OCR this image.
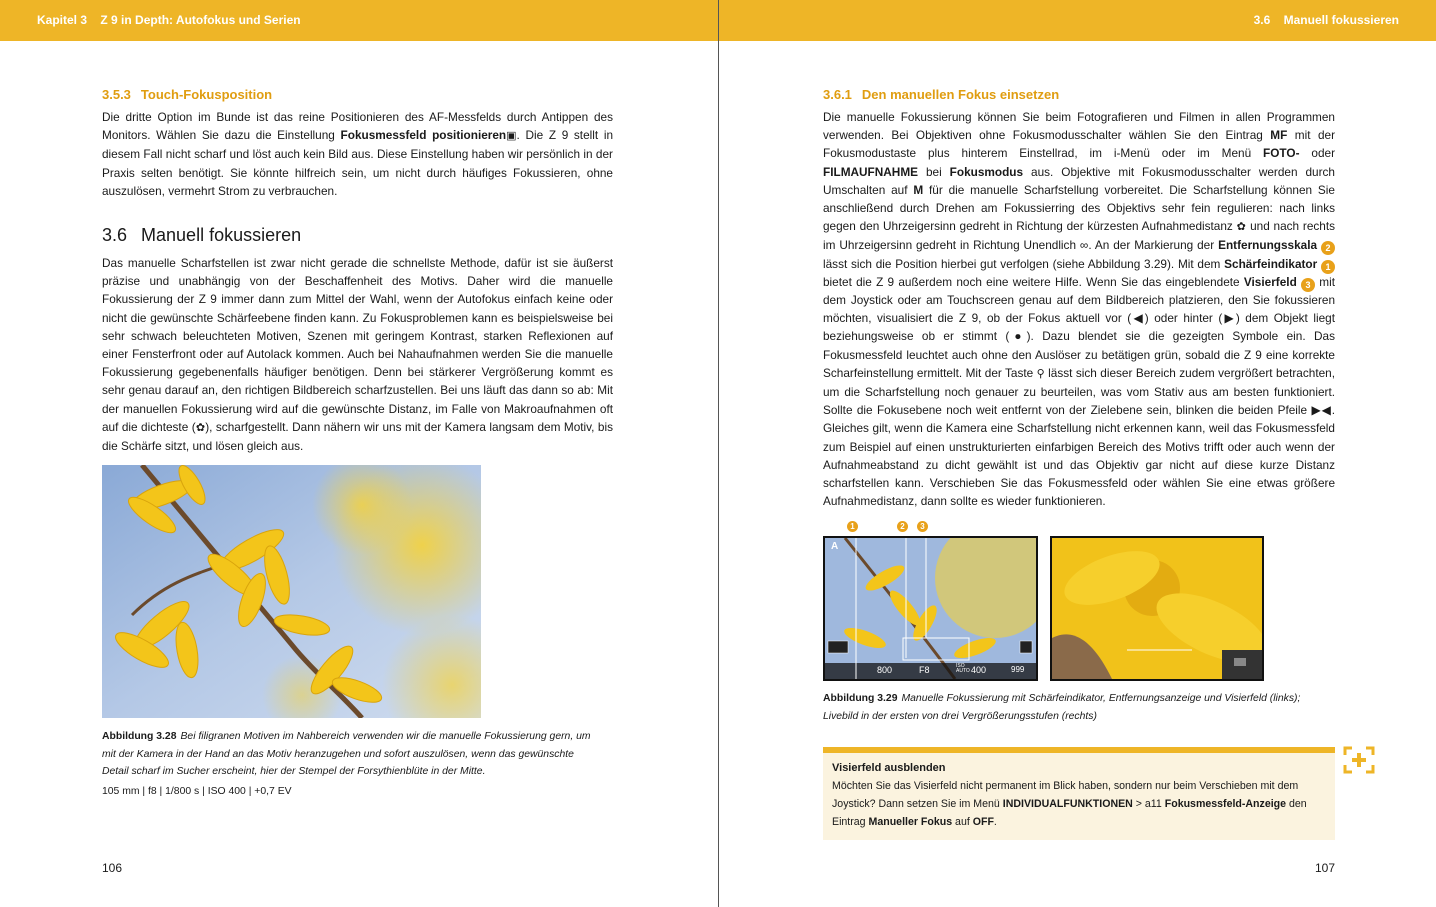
Kapitel 3 Z 9 in Depth: Autofokus und Serien
3.5.3 Touch-Fokusposition

Die dritte Option im Bunde ist das reine Positionieren des AF-Messfelds durch Antippen des Monitors. Wählen Sie dazu die Einstellung Fokusmessfeld positionieren▣. Die Z 9 stellt in diesem Fall nicht scharf und löst auch kein Bild aus. Diese Einstellung haben wir persönlich in der Praxis selten benötigt. Sie könnte hilfreich sein, um nicht durch häufiges Fokussieren, ohne auszulösen, vermehrt Strom zu verbrauchen.

3.6 Manuell fokussieren

Das manuelle Scharfstellen ist zwar nicht gerade die schnellste Methode, dafür ist sie äußerst präzise und unabhängig von der Beschaffenheit des Motivs. Daher wird die manuelle Fokussierung der Z 9 immer dann zum Mittel der Wahl, wenn der Autofokus einfach keine oder nicht die gewünschte Schärfeebene finden kann. Zu Fokusproblemen kann es beispielsweise bei sehr schwach beleuchteten Motiven, Szenen mit geringem Kontrast, starken Reflexionen auf einer Fensterfront oder auf Autolack kommen. Auch bei Nahaufnahmen werden Sie die manuelle Fokussierung gegebenenfalls häufiger benötigen. Denn bei stärkerer Vergrößerung kommt es sehr genau darauf an, den richtigen Bildbereich scharfzustellen. Bei uns läuft das dann so ab: Mit der manuellen Fokussierung wird auf die gewünschte Distanz, im Falle von Makroaufnahmen oft auf die dichteste (✿), scharfgestellt. Dann nähern wir uns mit der Kamera langsam dem Motiv, bis die Schärfe sitzt, und lösen gleich aus.

Abbildung 3.28 Bei filigranen Motiven im Nahbereich verwenden wir die manuelle Fokussierung gern, um mit der Kamera in der Hand an das Motiv heranzugehen und sofort auszulösen, wenn das gewünschte Detail scharf im Sucher erscheint, hier der Stempel der Forsythienblüte in der Mitte.
105 mm | f8 | 1/800 s | ISO 400 | +0,7 EV
106
3.6 Manuell fokussieren
3.6.1 Den manuellen Fokus einsetzen

Die manuelle Fokussierung können Sie beim Fotografieren und Filmen in allen Programmen verwenden. Bei Objektiven ohne Fokusmodusschalter wählen Sie den Eintrag MF mit der Fokusmodustaste plus hinterem Einstellrad, im i-Menü oder im Menü FOTO- oder FILMAUFNAHME bei Fokusmodus aus. Objektive mit Fokusmodusschalter werden durch Umschalten auf M für die manuelle Scharfstellung vorbereitet. Die Scharfstellung können Sie anschließend durch Drehen am Fokussierring des Objektivs sehr fein regulieren: nach links gegen den Uhrzeigersinn gedreht in Richtung der kürzesten Aufnahmedistanz ✿ und nach rechts im Uhrzeigersinn gedreht in Richtung Unendlich ∞. An der Markierung der Entfernungsskala 2 lässt sich die Position hierbei gut verfolgen (siehe Abbildung 3.29). Mit dem Schärfeindikator 1 bietet die Z 9 außerdem noch eine weitere Hilfe. Wenn Sie das eingeblendete Visierfeld 3 mit dem Joystick oder am Touchscreen genau auf dem Bildbereich platzieren, den Sie fokussieren möchten, visualisiert die Z 9, ob der Fokus aktuell vor (◀) oder hinter (▶) dem Objekt liegt beziehungsweise ob er stimmt (●). Dazu blendet sie die gezeigten Symbole ein. Das Fokusmessfeld leuchtet auch ohne den Auslöser zu betätigen grün, sobald die Z 9 eine korrekte Scharfeinstellung ermittelt. Mit der Taste ⚲ lässt sich dieser Bereich zudem vergrößert betrachten, um die Scharfstellung noch genauer zu beurteilen, was vom Stativ aus am besten funktioniert. Sollte die Fokusebene noch weit entfernt von der Zielebene sein, blinken die beiden Pfeile ▶◀. Gleiches gilt, wenn die Kamera eine Scharfstellung nicht erkennen kann, weil das Fokusmessfeld zum Beispiel auf einen unstrukturierten einfarbigen Bereich des Motivs trifft oder auch wenn der Aufnahmeabstand zu dicht gewählt ist und das Objektiv gar nicht auf diese kurze Distanz scharfstellen kann. Verschieben Sie das Fokusmessfeld oder wählen Sie eine etwas größere Aufnahmedistanz, dann sollte es wieder funktionieren.

1	2	3
A
800	F8	ISO AUTO 400	999
Abbildung 3.29 Manuelle Fokussierung mit Schärfeindikator, Entfernungsanzeige und Visierfeld (links); Livebild in der ersten von drei Vergrößerungsstufen (rechts)
Visierfeld ausblenden
Möchten Sie das Visierfeld nicht permanent im Blick haben, sondern nur beim Verschieben mit dem Joystick? Dann setzen Sie im Menü INDIVIDUALFUNKTIONEN > a11 Fokusmessfeld-Anzeige den Eintrag Manueller Fokus auf OFF.
107
